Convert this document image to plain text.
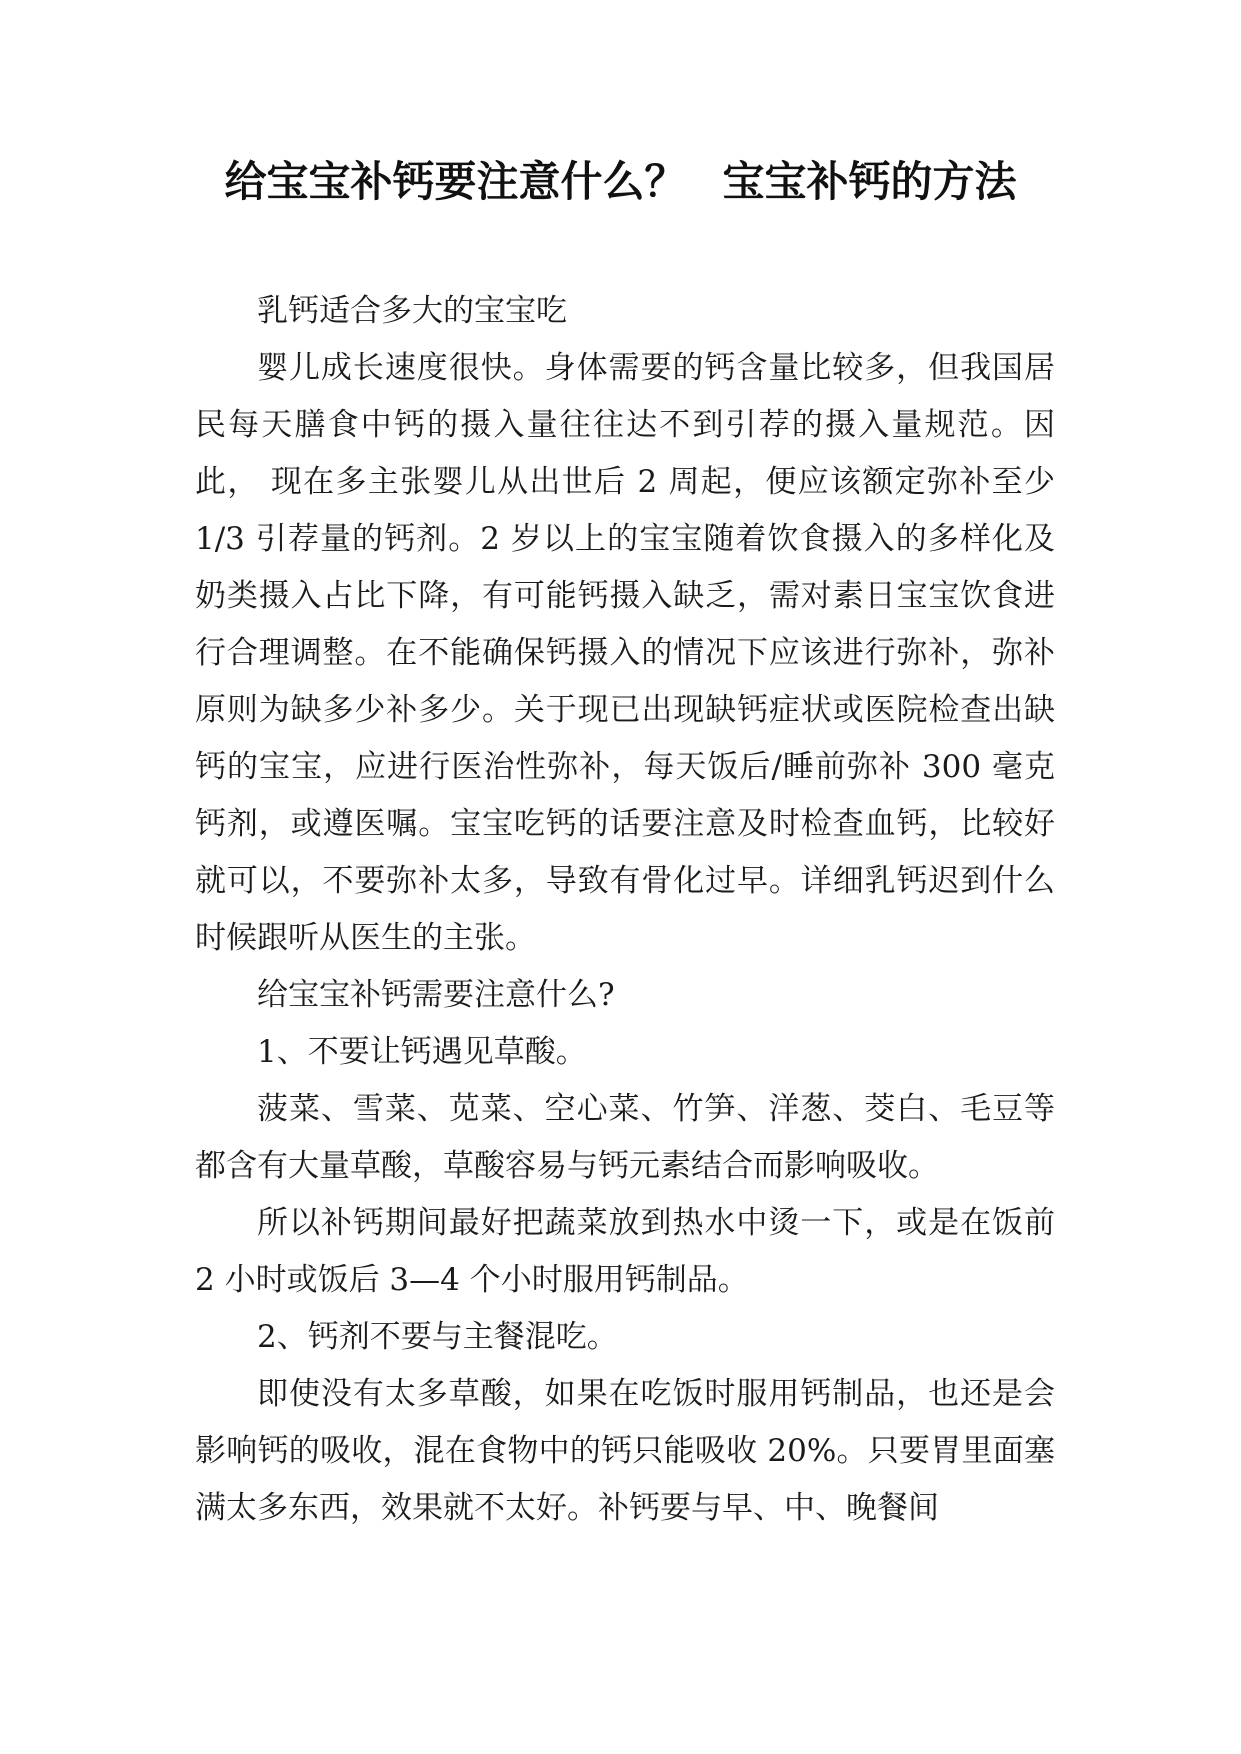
给宝宝补钙要注意什么？ 宝宝补钙的方法

乳钙适合多大的宝宝吃

婴儿成长速度很快。身体需要的钙含量比较多，但我国居民每天膳食中钙的摄入量往往达不到引荐的摄入量规范。因此， 现在多主张婴儿从出世后 2 周起，便应该额定弥补至少 1/3 引荐量的钙剂。2 岁以上的宝宝随着饮食摄入的多样化及奶类摄入占比下降，有可能钙摄入缺乏，需对素日宝宝饮食进行合理调整。在不能确保钙摄入的情况下应该进行弥补，弥补原则为缺多少补多少。关于现已出现缺钙症状或医院检查出缺钙的宝宝，应进行医治性弥补，每天饭后/睡前弥补 300 毫克钙剂，或遵医嘱。宝宝吃钙的话要注意及时检查血钙，比较好就可以，不要弥补太多，导致有骨化过早。详细乳钙迟到什么时候跟听从医生的主张。

给宝宝补钙需要注意什么?

1、不要让钙遇见草酸。

菠菜、雪菜、苋菜、空心菜、竹笋、洋葱、茭白、毛豆等都含有大量草酸，草酸容易与钙元素结合而影响吸收。

所以补钙期间最好把蔬菜放到热水中烫一下，或是在饭前 2 小时或饭后 3—4 个小时服用钙制品。

2、钙剂不要与主餐混吃。

即使没有太多草酸，如果在吃饭时服用钙制品，也还是会影响钙的吸收，混在食物中的钙只能吸收 20%。只要胃里面塞满太多东西，效果就不太好。补钙要与早、中、晚餐间
